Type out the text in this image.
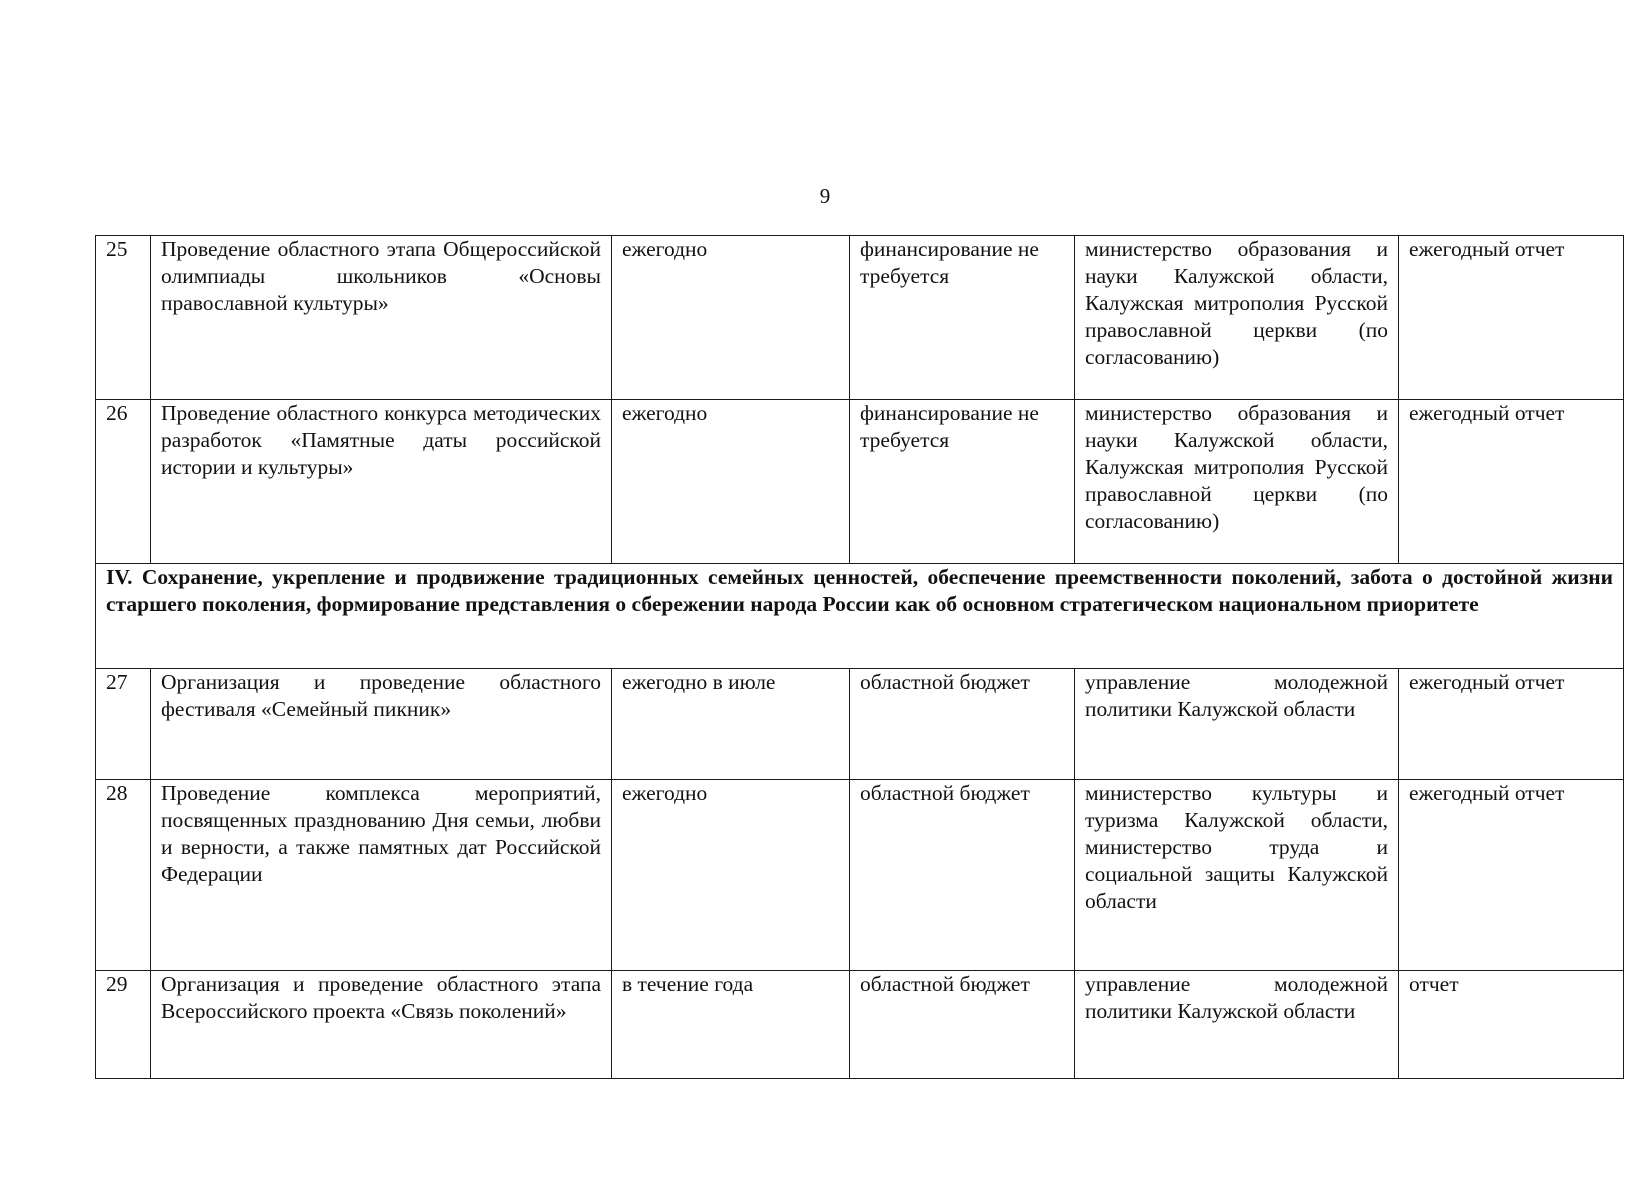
9
25	Проведение областного этапа Общероссийской олимпиады школьников «Основы православной культуры»	ежегодно	финансирование не требуется	министерство образования и науки Калужской области, Калужская митрополия Русской православной церкви (по согласованию)	ежегодный отчет
26	Проведение областного конкурса методических разработок «Памятные даты российской истории и культуры»	ежегодно	финансирование не требуется	министерство образования и науки Калужской области, Калужская митрополия Русской православной церкви (по согласованию)	ежегодный отчет
IV. Сохранение, укрепление и продвижение традиционных семейных ценностей, обеспечение преемственности поколений, забота о достойной жизни старшего поколения, формирование представления о сбережении народа России как об основном стратегическом национальном приоритете					
27	Организация и проведение областного фестиваля «Семейный пикник»	ежегодно в июле	областной бюджет	управление молодежной политики Калужской области	ежегодный отчет
28	Проведение комплекса мероприятий, посвященных празднованию Дня семьи, любви и верности, а также памятных дат Российской Федерации	ежегодно	областной бюджет	министерство культуры и туризма Калужской области, министерство труда и социальной защиты Калужской области	ежегодный отчет
29	Организация и проведение областного этапа Всероссийского проекта «Связь поколений»	в течение года	областной бюджет	управление молодежной политики Калужской области	отчет
